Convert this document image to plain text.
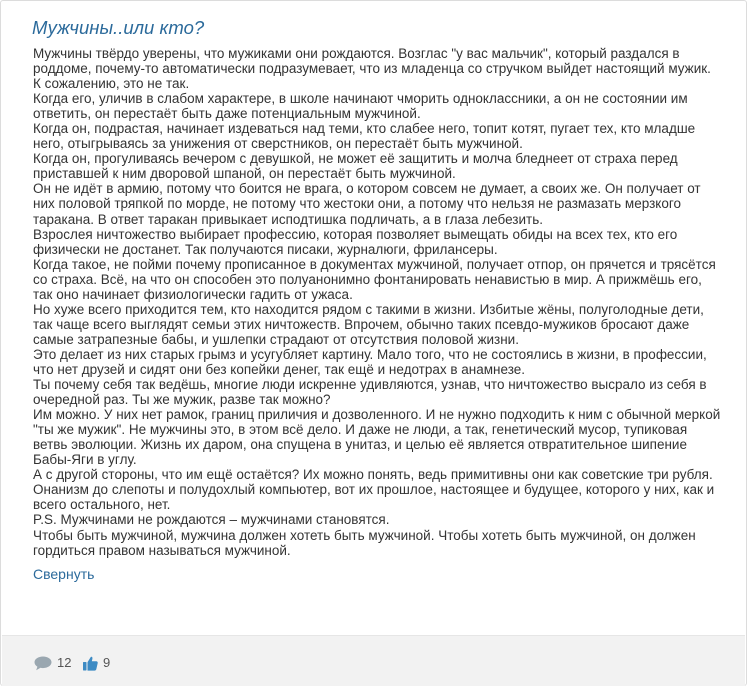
Мужчины..или кто?

Мужчины твёрдо уверены, что мужиками они рождаются. Возглас "у вас мальчик", который раздался в роддоме, почему-то автоматически подразумевает, что из младенца со стручком выйдет настоящий мужик.

К сожалению, это не так.

Когда его, уличив в слабом характере, в школе начинают чморить одноклассники, а он не состоянии им ответить, он перестаёт быть даже потенциальным мужчиной.

Когда он, подрастая, начинает издеваться над теми, кто слабее него, топит котят, пугает тех, кто младше него, отыгрываясь за унижения от сверстников, он перестаёт быть мужчиной.

Когда он, прогуливаясь вечером с девушкой, не может её защитить и молча бледнеет от страха перед приставшей к ним дворовой шпаной, он перестаёт быть мужчиной.

Он не идёт в армию, потому что боится не врага, о котором совсем не думает, а своих же. Он получает от них половой тряпкой по морде, не потому что жестоки они, а потому что нельзя не размазать мерзкого таракана. В ответ таракан привыкает исподтишка подличать, а в глаза лебезить.

Взрослея ничтожество выбирает профессию, которая позволяет вымещать обиды на всех тех, кто его физически не достанет. Так получаются писаки, журналюги, фрилансеры.

Когда такое, не пойми почему прописанное в документах мужчиной, получает отпор, он прячется и трясётся со страха. Всё, на что он способен это полуанонимно фонтанировать ненавистью в мир. А прижмёшь его, так оно начинает физиологически гадить от ужаса.

Но хуже всего приходится тем, кто находится рядом с такими в жизни. Избитые жёны, полуголодные дети, так чаще всего выглядят семьи этих ничтожеств. Впрочем, обычно таких псевдо-мужиков бросают даже самые затрапезные бабы, и ушлепки страдают от отсутствия половой жизни.

Это делает из них старых грымз и усугубляет картину. Мало того, что не состоялись в жизни, в профессии, что нет друзей и сидят они без копейки денег, так ещё и недотрах в анамнезе.

Ты почему себя так ведёшь, многие люди искренне удивляются, узнав, что ничтожество высрало из себя в очередной раз. Ты же мужик, разве так можно?

Им можно. У них нет рамок, границ приличия и дозволенного. И не нужно подходить к ним с обычной меркой "ты же мужик". Не мужчины это, в этом всё дело. И даже не люди, а так, генетический мусор, тупиковая ветвь эволюции. Жизнь их даром, она спущена в унитаз, и целью её является отвратительное шипение Бабы-Яги в углу.

А с другой стороны, что им ещё остаётся? Их можно понять, ведь примитивны они как советские три рубля. Онанизм до слепоты и полудохлый компьютер, вот их прошлое, настоящее и будущее, которого у них, как и всего остального, нет.

P.S. Мужчинами не рождаются – мужчинами становятся.

Чтобы быть мужчиной, мужчина должен хотеть быть мужчиной. Чтобы хотеть быть мужчиной, он должен гордиться правом называться мужчиной.

Свернуть
12 9
